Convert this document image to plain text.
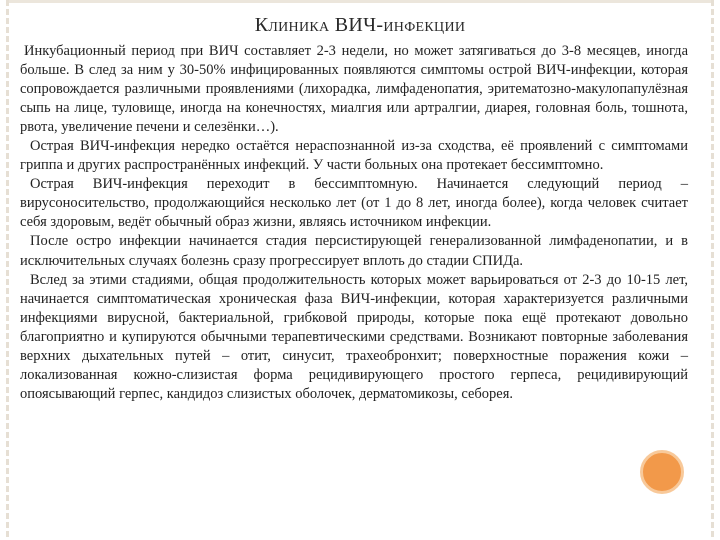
КЛИНИКА ВИЧ-ИНФЕКЦИИ

Инкубационный период при ВИЧ составляет 2-3 недели, но может затягиваться до 3-8 месяцев, иногда больше. В след за ним у 30-50% инфицированных появляются симптомы острой ВИЧ-инфекции, которая сопровождается различными проявлениями (лихорадка, лимфаденопатия, эритематозно-макулопапулёзная сыпь на лице, туловище, иногда на конечностях, миалгия или артралгии, диарея, головная боль, тошнота, рвота, увеличение печени и селезёнки…).

Острая ВИЧ-инфекция нередко остаётся нераспознанной из-за сходства, её проявлений с симптомами гриппа и других распространённых инфекций. У части больных она протекает бессимптомно.

Острая ВИЧ-инфекция переходит в бессимптомную. Начинается следующий период – вирусоносительство, продолжающийся несколько лет (от 1 до 8 лет, иногда более), когда человек считает себя здоровым, ведёт обычный образ жизни, являясь источником инфекции.

После остро инфекции начинается стадия персистирующей генерализованной лимфаденопатии, и в исключительных случаях болезнь сразу прогрессирует вплоть до стадии СПИДа.

Вслед за этими стадиями, общая продолжительность которых может варьироваться от 2-3 до 10-15 лет, начинается симптоматическая хроническая фаза ВИЧ-инфекции, которая характеризуется различными инфекциями вирусной, бактериальной, грибковой природы, которые пока ещё протекают довольно благоприятно и купируются обычными терапевтическими средствами. Возникают повторные заболевания верхних дыхательных путей – отит, синусит, трахеобронхит; поверхностные поражения кожи – локализованная кожно-слизистая форма рецидивирующего простого герпеса, рецидивирующий опоясывающий герпес, кандидоз слизистых оболочек, дерматомикозы, себорея.
